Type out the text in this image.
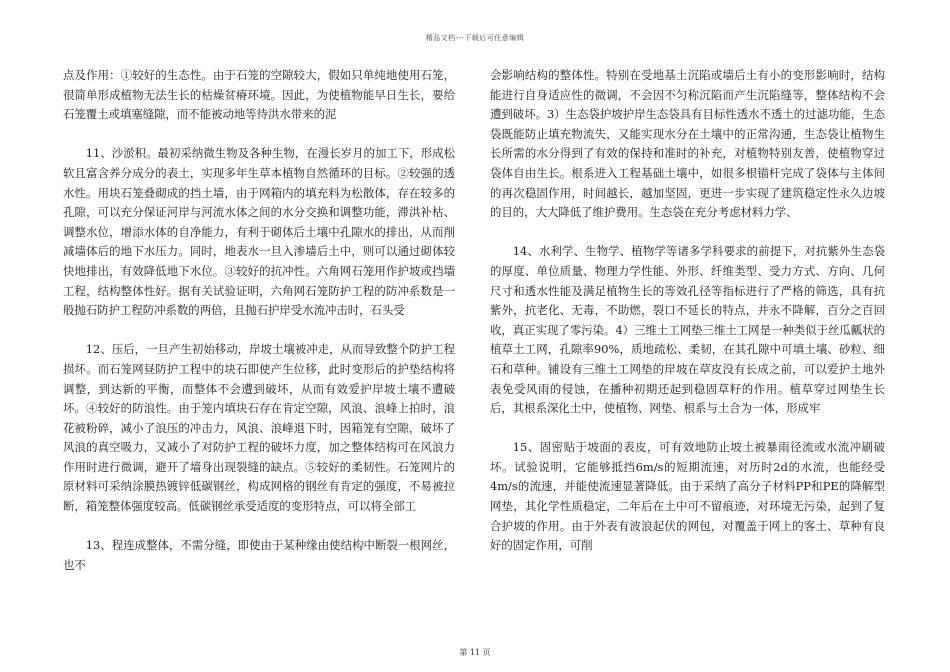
精品文档---下载后可任意编辑

点及作用：①较好的生态性。由于石笼的空隙较大，假如只单纯地使用石笼，很简单形成植物无法生长的枯燥贫瘠环境。因此，为使植物能早日生长，要给石笼覆土或填塞缝隙，而不能被动地等待洪水带来的泥

11、沙淤积。最初采纳微生物及各种生物，在漫长岁月的加工下，形成松软且富含养分成分的表土，实现多年生草本植物自然循环的目标。②较强的透水性。用块石笼叠砌成的挡土墙，由于网箱内的填充料为松散体，存在较多的孔隙，可以充分保证河岸与河流水体之间的水分交换和调整功能，滞洪补枯、调整水位，增添水体的自净能力，有利于砌体后土壤中孔隙水的排出，从而削减墙体后的地下水压力。同时，地表水一旦入渗墙后土中，则可以通过砌体较快地排出，有效降低地下水位。③较好的抗冲性。六角网石笼用作护坡或挡墙工程，结构整体性好。据有关试验证明，六角网石笼防护工程的防冲系数是一般抛石防护工程防冲系数的两倍，且抛石护岸受水流冲击时，石头受

12、压后，一旦产生初始移动，岸坡土壤被冲走，从而导致整个防护工程损坏。而石笼网昼防护工程中的块石即使产生位移，此时变形后的护垫结构将调整，到达新的平衡，而整体不会遭到破坏，从而有效爱护岸坡土壤不遭破坏。④较好的防浪性。由于笼内填块石存在肯定空隙，风浪、浪峰上拍时，浪花被粉碎，减小了浪压的冲击力，风浪、浪峰退下时，因箱笼有空隙，破坏了风浪的真空吸力，又减小了对防护工程的破坏力度，加之整体结构可在风浪力作用时进行微调，避开了墙身出现裂缝的缺点。⑤较好的柔韧性。石笼网片的原材料可采纳涂膜热镀锌低碳钢丝，构成网格的钢丝有肯定的强度，不易被拉断，箱笼整体强度较高。低碳钢丝承受适度的变形特点，可以将全部工

13、程连成整体，不需分缝，即使由于某种缘由使结构中断裂一根网丝，也不

会影响结构的整体性。特别在受地基土沉陷或墙后土有小的变形影响时，结构能进行自身适应性的微调，不会因不匀称沉陷而产生沉陷缝等，整体结构不会遭到破坏。3）生态袋护坡护岸生态袋具有目标性透水不透土的过滤功能，生态袋既能防止填充物流失，又能实现水分在土壤中的正常沟通，生态袋让植物生长所需的水分得到了有效的保持和准时的补充，对植物特别友善，使植物穿过袋体自由生长。根系进入工程基础土壤中，如很多根锚杆完成了袋体与主体间的再次稳固作用，时间越长，越加坚固，更进一步实现了建筑稳定性永久边坡的目的，大大降低了维护费用。生态袋在充分考虑材料力学、

14、水利学、生物学、植物学等诸多学科要求的前提下，对抗紫外生态袋的厚度、单位质量、物理力学性能、外形、纤维类型、受力方式、方向、几何尺寸和透水性能及满足植物生长的等效孔径等指标进行了严格的筛选，具有抗紫外，抗老化、无毒，不助燃，裂口不延长的特点，并永不降解，百分之百回收，真正实现了零污染。4）三维土工网垫三维土工网是一种类似于丝瓜瓤状的植草土工网，孔隙率90%，质地疏松、柔韧，在其孔隙中可填土壤、砂粒、细石和草种。铺设有三维土工网垫的岸坡在草皮没有长成之前，可以爱护土地外表免受风雨的侵蚀，在播种初期还起到稳固草籽的作用。植草穿过网垫生长后，其根系深化土中，使植物、网垫、根系与土合为一体，形成牢

15、固密贴于坡面的表皮，可有效地防止坡土被暴雨径流或水流冲刷破坏。试验说明，它能够抵挡6m/s的短期流速，对历时2d的水流，也能经受4m/s的流速，并能使流速显著降低。由于采纳了高分子材料PP和PE的降解型网垫，其化学性质稳定，二年后在土中可不留痕迹，对环境无污染，起到了复合护坡的作用。由于外表有波浪起伏的网包，对覆盖于网上的客土、草种有良好的固定作用，可削

第 11 页
